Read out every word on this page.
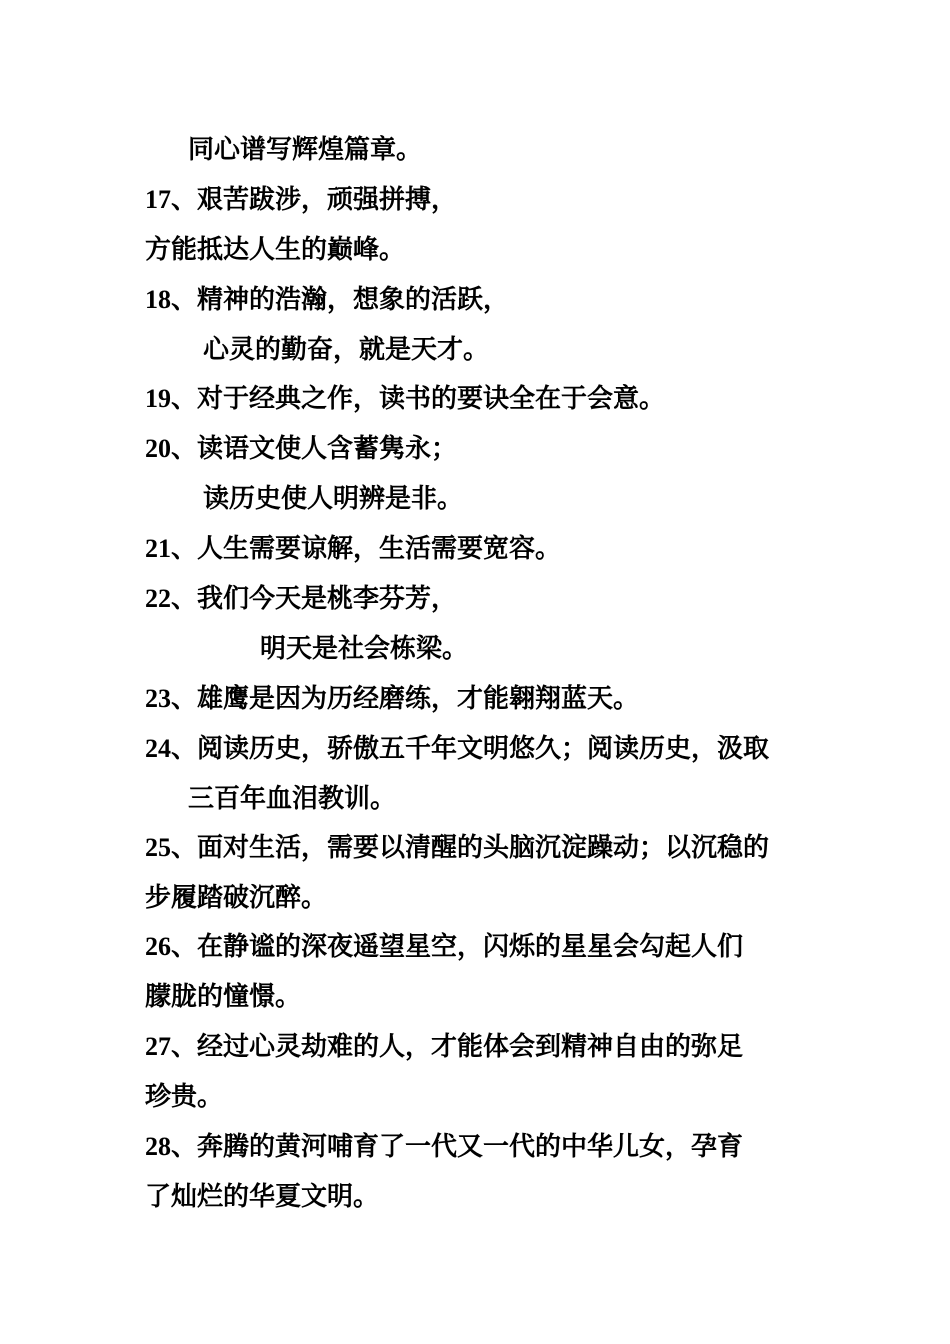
同心谱写辉煌篇章。
17、艰苦跋涉，顽强拼搏，
方能抵达人生的巅峰。
18、精神的浩瀚，想象的活跃，
心灵的勤奋，就是天才。
19、对于经典之作，读书的要诀全在于会意。
20、读语文使人含蓄隽永；
读历史使人明辨是非。
21、人生需要谅解，生活需要宽容。
22、我们今天是桃李芬芳，
明天是社会栋梁。
23、雄鹰是因为历经磨练，才能翱翔蓝天。
24、阅读历史，骄傲五千年文明悠久；阅读历史，汲取
三百年血泪教训。
25、面对生活，需要以清醒的头脑沉淀躁动；以沉稳的
步履踏破沉醉。
26、在静谧的深夜遥望星空，闪烁的星星会勾起人们
朦胧的憧憬。
27、经过心灵劫难的人，才能体会到精神自由的弥足
珍贵。
28、奔腾的黄河哺育了一代又一代的中华儿女，孕育
了灿烂的华夏文明。
